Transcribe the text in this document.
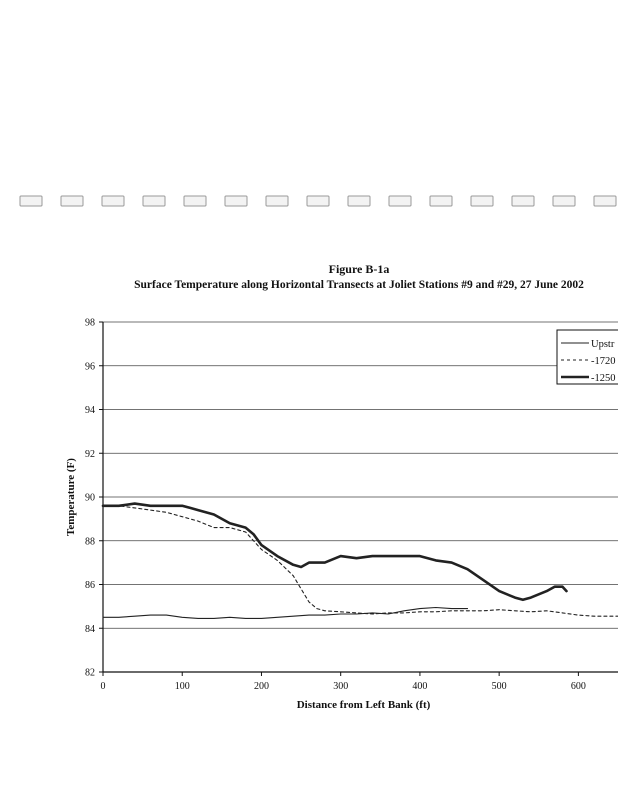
Figure B-1a
Surface Temperature along Horizontal Transects at Joliet Stations #9 and #29, 27 June 2002
82
84
86
88
90
92
94
96
98
0	100	200	300	400	500	600
Upstr
-1720
-1250
Distance from Left Bank (ft)
Temperature (F)
